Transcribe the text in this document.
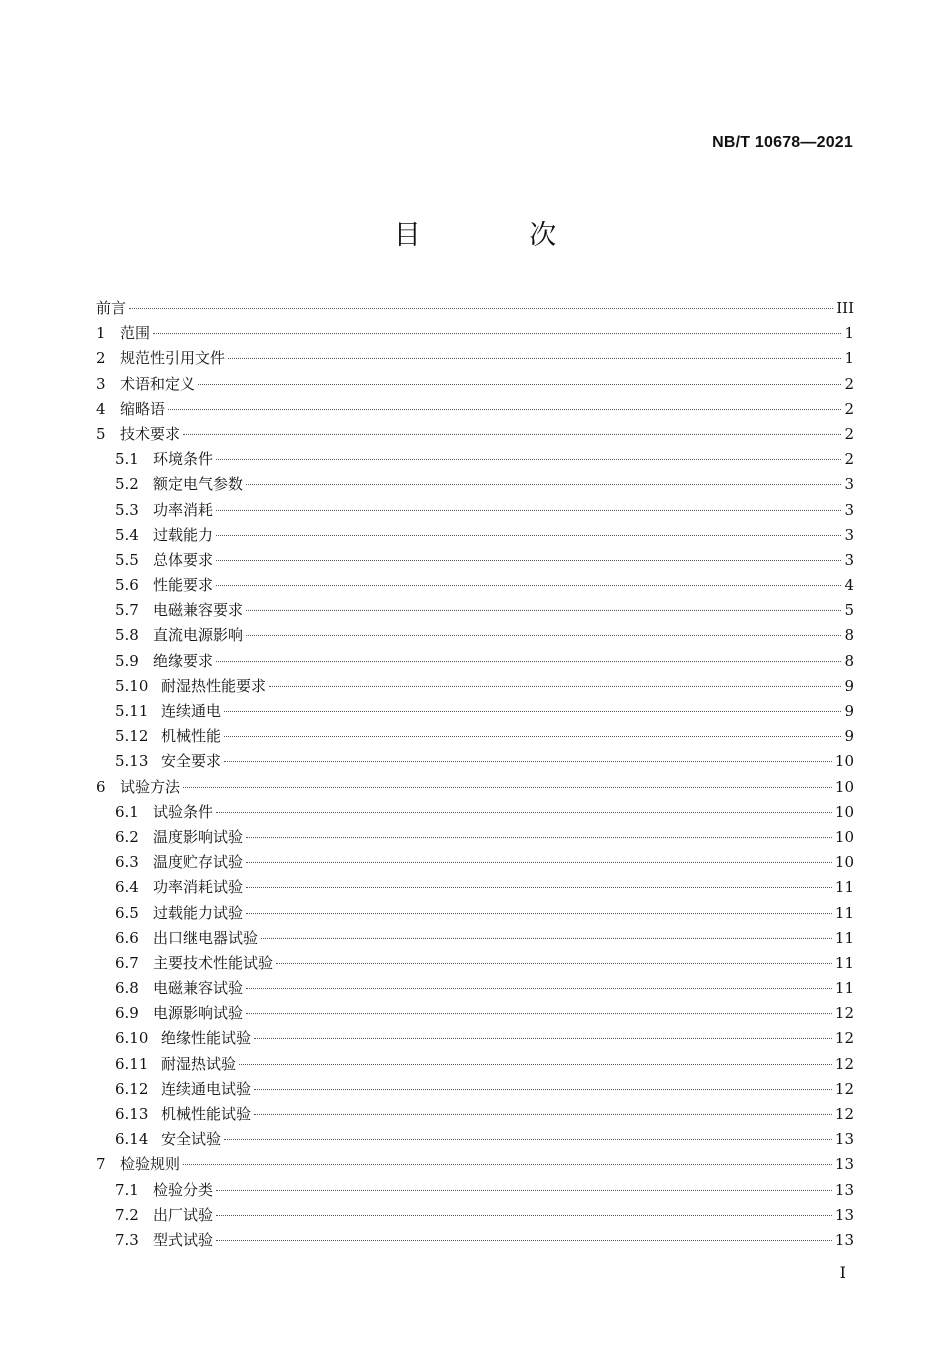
NB/T 10678—2021
目 次
前言	III
1 范围	1
2 规范性引用文件	1
3 术语和定义	2
4 缩略语	2
5 技术要求	2
5.1 环境条件	2
5.2 额定电气参数	3
5.3 功率消耗	3
5.4 过载能力	3
5.5 总体要求	3
5.6 性能要求	4
5.7 电磁兼容要求	5
5.8 直流电源影响	8
5.9 绝缘要求	8
5.10 耐湿热性能要求	9
5.11 连续通电	9
5.12 机械性能	9
5.13 安全要求	10
6 试验方法	10
6.1 试验条件	10
6.2 温度影响试验	10
6.3 温度贮存试验	10
6.4 功率消耗试验	11
6.5 过载能力试验	11
6.6 出口继电器试验	11
6.7 主要技术性能试验	11
6.8 电磁兼容试验	11
6.9 电源影响试验	12
6.10 绝缘性能试验	12
6.11 耐湿热试验	12
6.12 连续通电试验	12
6.13 机械性能试验	12
6.14 安全试验	13
7 检验规则	13
7.1 检验分类	13
7.2 出厂试验	13
7.3 型式试验	13
I
